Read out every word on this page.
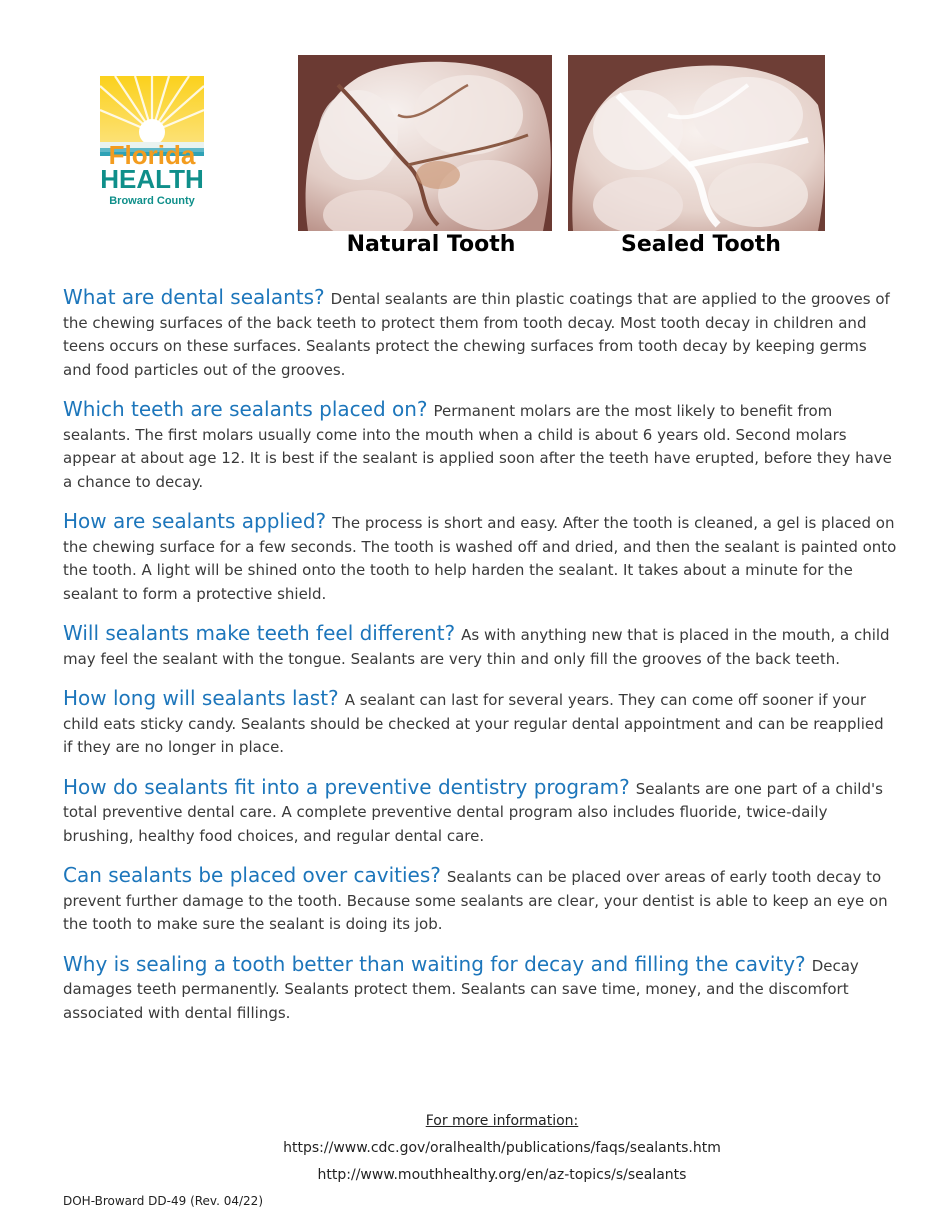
Florida
HEALTH
Broward County
Natural Tooth	Sealed Tooth

What are dental sealants? Dental sealants are thin plastic coatings that are applied to the grooves of the chewing surfaces of the back teeth to protect them from tooth decay. Most tooth decay in children and teens occurs on these surfaces. Sealants protect the chewing surfaces from tooth decay by keeping germs and food particles out of the grooves.

Which teeth are sealants placed on? Permanent molars are the most likely to benefit from sealants. The first molars usually come into the mouth when a child is about 6 years old. Second molars appear at about age 12. It is best if the sealant is applied soon after the teeth have erupted, before they have a chance to decay.

How are sealants applied? The process is short and easy. After the tooth is cleaned, a gel is placed on the chewing surface for a few seconds. The tooth is washed off and dried, and then the sealant is painted onto the tooth. A light will be shined onto the tooth to help harden the sealant. It takes about a minute for the sealant to form a protective shield.

Will sealants make teeth feel different? As with anything new that is placed in the mouth, a child may feel the sealant with the tongue. Sealants are very thin and only fill the grooves of the back teeth.

How long will sealants last? A sealant can last for several years. They can come off sooner if your child eats sticky candy. Sealants should be checked at your regular dental appointment and can be reapplied if they are no longer in place.

How do sealants fit into a preventive dentistry program? Sealants are one part of a child's total preventive dental care. A complete preventive dental program also includes fluoride, twice-daily brushing, healthy food choices, and regular dental care.

Can sealants be placed over cavities? Sealants can be placed over areas of early tooth decay to prevent further damage to the tooth. Because some sealants are clear, your dentist is able to keep an eye on the tooth to make sure the sealant is doing its job.

Why is sealing a tooth better than waiting for decay and filling the cavity? Decay damages teeth permanently. Sealants protect them. Sealants can save time, money, and the discomfort associated with dental fillings.

For more information:
https://www.cdc.gov/oralhealth/publications/faqs/sealants.htm
http://www.mouthhealthy.org/en/az-topics/s/sealants
DOH-Broward DD-49 (Rev. 04/22)
